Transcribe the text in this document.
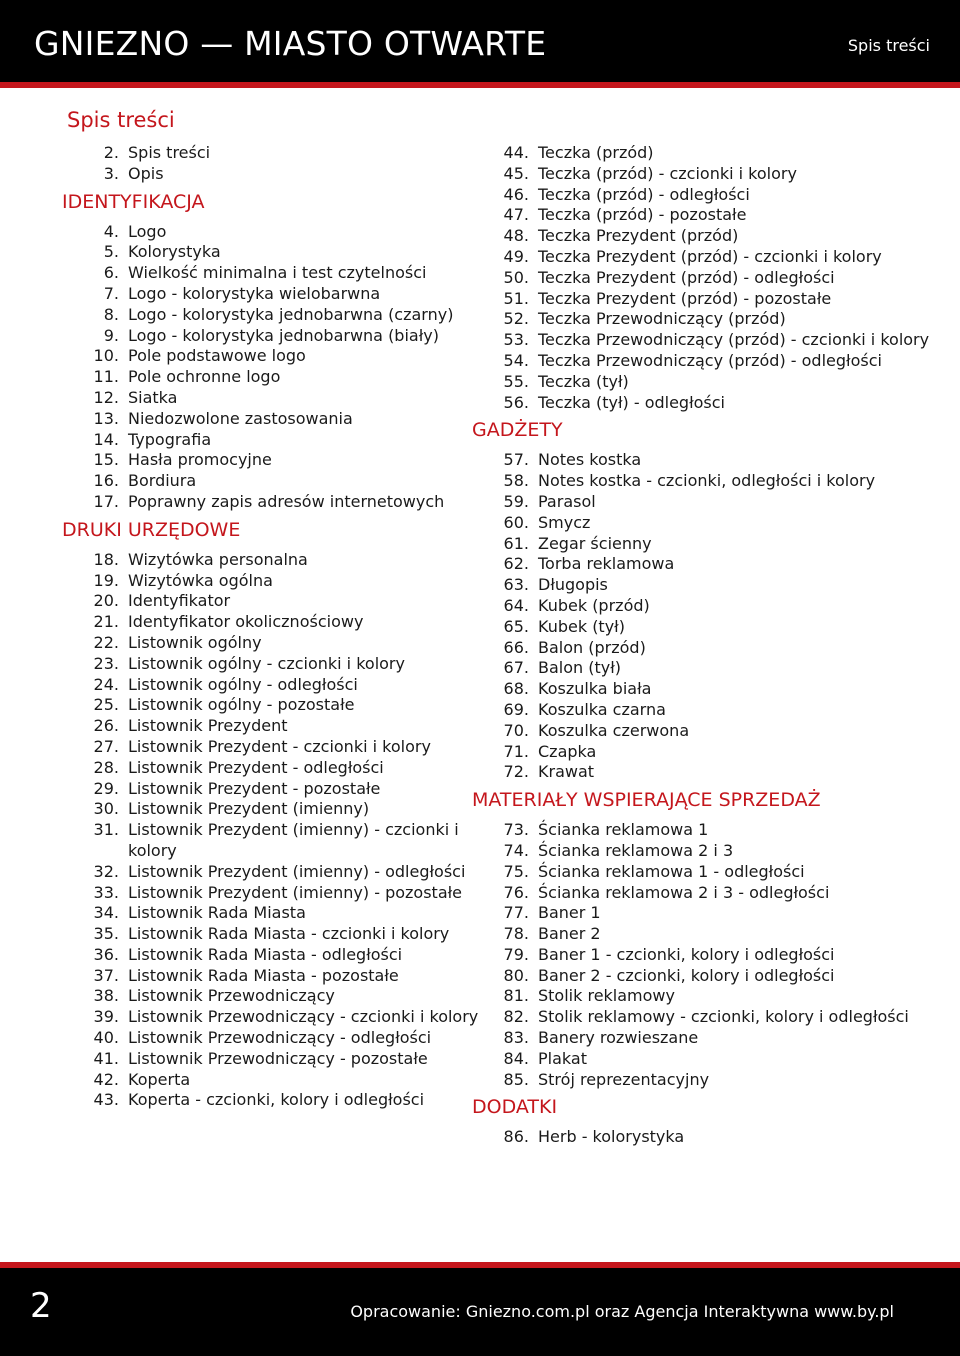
GNIEZNO — MIASTO OTWARTE	Spis treści
Spis treści
2. Spis treści
3. Opis
IDENTYFIKACJA
4. Logo
5. Kolorystyka
6. Wielkość minimalna i test czytelności
7. Logo - kolorystyka wielobarwna
8. Logo - kolorystyka jednobarwna (czarny)
9. Logo - kolorystyka jednobarwna (biały)
10. Pole podstawowe logo
11. Pole ochronne logo
12. Siatka
13. Niedozwolone zastosowania
14. Typografia
15. Hasła promocyjne
16. Bordiura
17. Poprawny zapis adresów internetowych
DRUKI URZĘDOWE
18. Wizytówka personalna
19. Wizytówka ogólna
20. Identyfikator
21. Identyfikator okolicznościowy
22. Listownik ogólny
23. Listownik ogólny - czcionki i kolory
24. Listownik ogólny - odległości
25. Listownik ogólny - pozostałe
26. Listownik Prezydent
27. Listownik Prezydent - czcionki i kolory
28. Listownik Prezydent - odległości
29. Listownik Prezydent - pozostałe
30. Listownik Prezydent (imienny)
31. Listownik Prezydent (imienny) - czcionki i kolory
32. Listownik Prezydent (imienny) - odległości
33. Listownik Prezydent (imienny) - pozostałe
34. Listownik Rada Miasta
35. Listownik Rada Miasta - czcionki i kolory
36. Listownik Rada Miasta - odległości
37. Listownik Rada Miasta - pozostałe
38. Listownik Przewodniczący
39. Listownik Przewodniczący - czcionki i kolory
40. Listownik Przewodniczący - odległości
41. Listownik Przewodniczący - pozostałe
42. Koperta
43. Koperta - czcionki, kolory i odległości
44. Teczka (przód)
45. Teczka (przód) - czcionki i kolory
46. Teczka (przód) - odległości
47. Teczka (przód) - pozostałe
48. Teczka Prezydent (przód)
49. Teczka Prezydent (przód) - czcionki i kolory
50. Teczka Prezydent (przód) - odległości
51. Teczka Prezydent (przód) - pozostałe
52. Teczka Przewodniczący (przód)
53. Teczka Przewodniczący (przód) - czcionki i kolory
54. Teczka Przewodniczący (przód) - odległości
55. Teczka (tył)
56. Teczka (tył) - odległości
GADŻETY
57. Notes kostka
58. Notes kostka - czcionki, odległości i kolory
59. Parasol
60. Smycz
61. Zegar ścienny
62. Torba reklamowa
63. Długopis
64. Kubek (przód)
65. Kubek (tył)
66. Balon (przód)
67. Balon (tył)
68. Koszulka biała
69. Koszulka czarna
70. Koszulka czerwona
71. Czapka
72. Krawat
MATERIAŁY WSPIERAJĄCE SPRZEDAŻ
73. Ścianka reklamowa 1
74. Ścianka reklamowa 2 i 3
75. Ścianka reklamowa 1 - odległości
76. Ścianka reklamowa 2 i 3 - odległości
77. Baner 1
78. Baner 2
79. Baner 1 - czcionki, kolory i odległości
80. Baner 2 - czcionki, kolory i odległości
81. Stolik reklamowy
82. Stolik reklamowy - czcionki, kolory i odległości
83. Banery rozwieszane
84. Plakat
85. Strój reprezentacyjny
DODATKI
86. Herb - kolorystyka
2	Opracowanie: Gniezno.com.pl oraz Agencja Interaktywna www.by.pl
